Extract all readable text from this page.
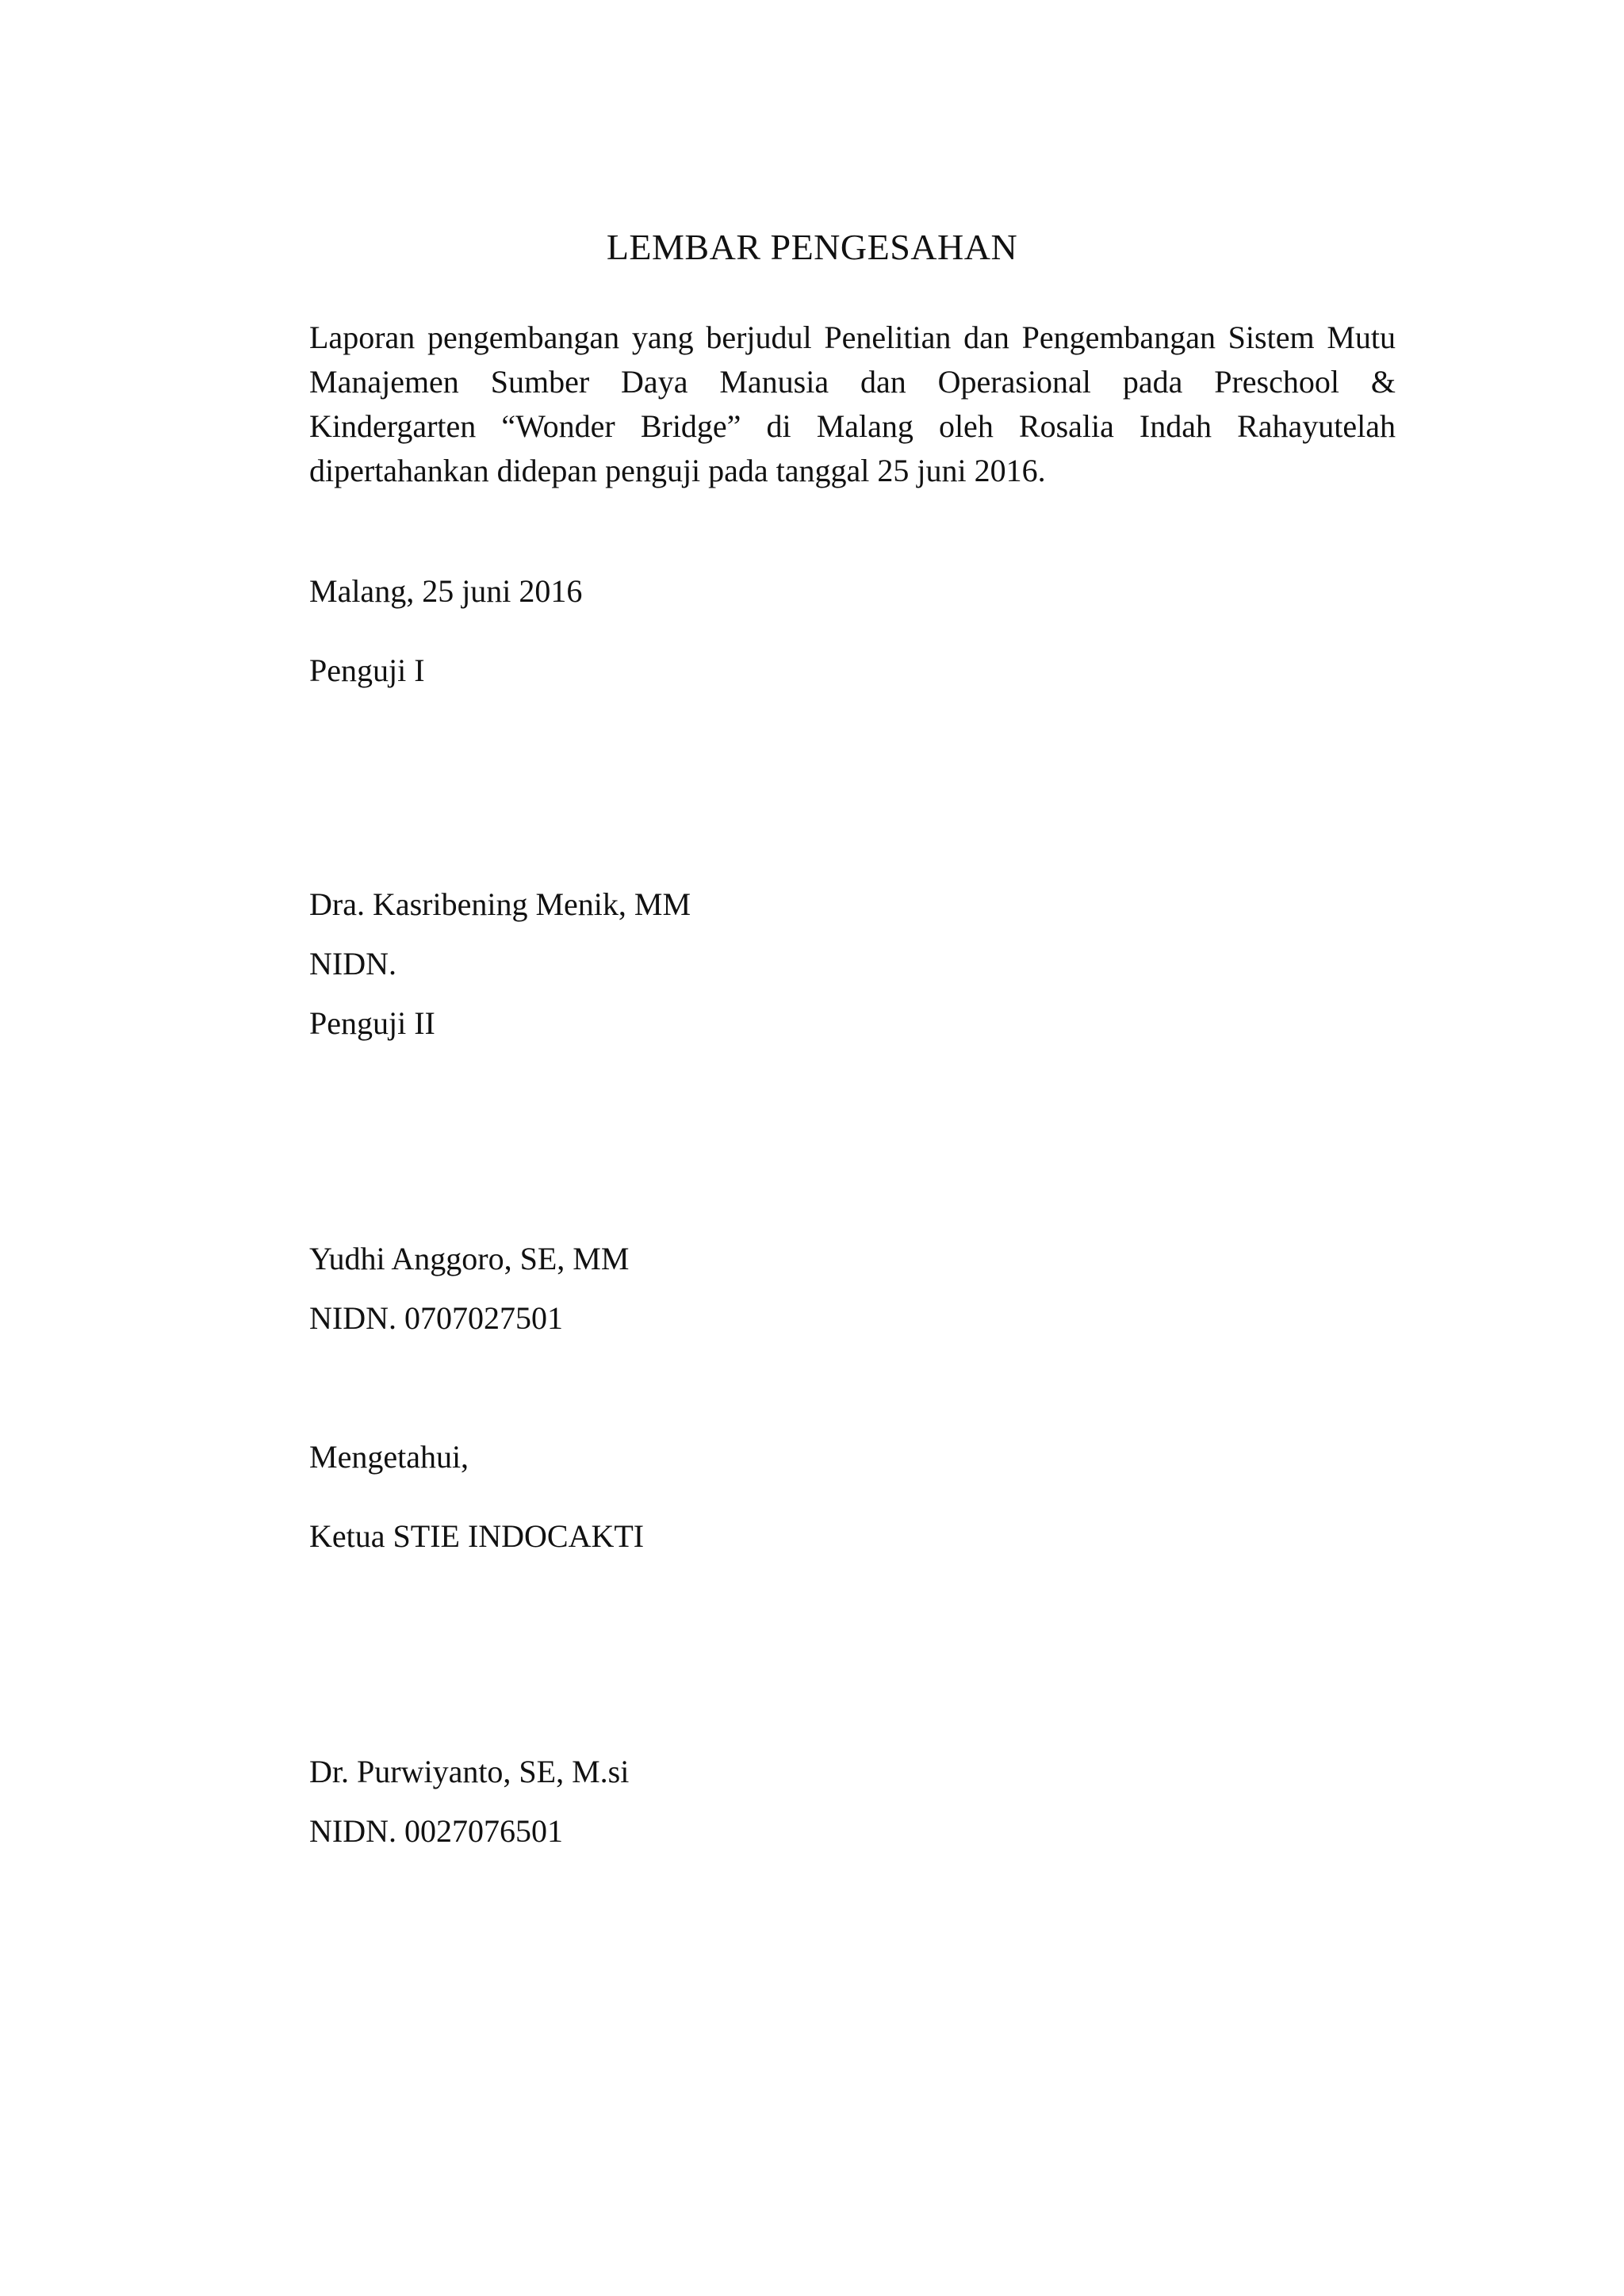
LEMBAR PENGESAHAN

Laporan pengembangan yang berjudul Penelitian dan Pengembangan Sistem Mutu
Manajemen Sumber Daya Manusia dan Operasional pada Preschool &
Kindergarten “Wonder Bridge” di Malang oleh Rosalia Indah Rahayutelah
dipertahankan didepan penguji pada tanggal 25 juni 2016.

Malang, 25 juni 2016

Penguji I

Dra. Kasribening Menik, MM

NIDN.

Penguji II

Yudhi Anggoro, SE, MM

NIDN. 0707027501

Mengetahui,

Ketua STIE INDOCAKTI

Dr. Purwiyanto, SE, M.si

NIDN. 0027076501
